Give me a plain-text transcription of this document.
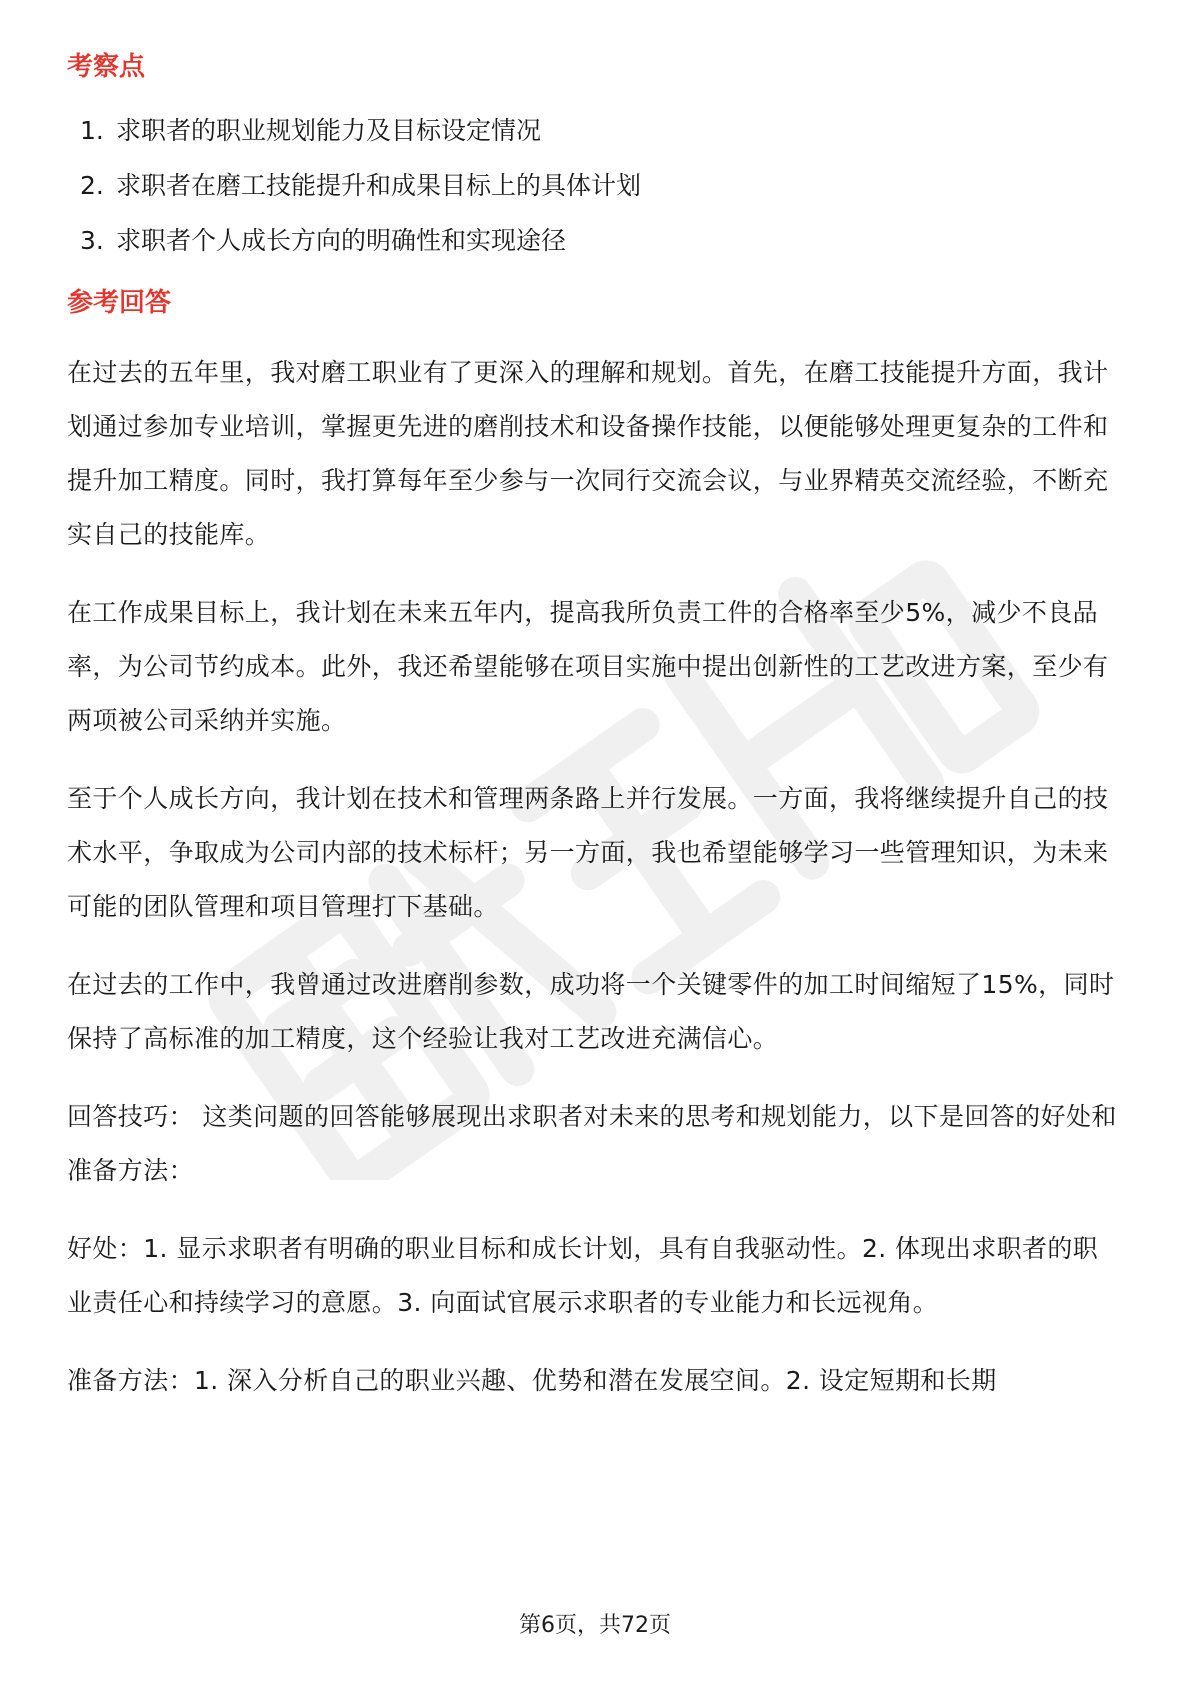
考察点
1. 求职者的职业规划能力及目标设定情况
2. 求职者在磨工技能提升和成果目标上的具体计划
3. 求职者个人成长方向的明确性和实现途径
参考回答

在过去的五年里，我对磨工职业有了更深入的理解和规划。首先，在磨工技能提升方面，我计划通过参加专业培训，掌握更先进的磨削技术和设备操作技能，以便能够处理更复杂的工件和提升加工精度。同时，我打算每年至少参与一次同行交流会议，与业界精英交流经验，不断充实自己的技能库。

在工作成果目标上，我计划在未来五年内，提高我所负责工件的合格率至少5%，减少不良品率，为公司节约成本。此外，我还希望能够在项目实施中提出创新性的工艺改进方案，至少有两项被公司采纳并实施。

至于个人成长方向，我计划在技术和管理两条路上并行发展。一方面，我将继续提升自己的技术水平，争取成为公司内部的技术标杆；另一方面，我也希望能够学习一些管理知识，为未来可能的团队管理和项目管理打下基础。

在过去的工作中，我曾通过改进磨削参数，成功将一个关键零件的加工时间缩短了15%，同时保持了高标准的加工精度，这个经验让我对工艺改进充满信心。

回答技巧： 这类问题的回答能够展现出求职者对未来的思考和规划能力，以下是回答的好处和准备方法：

好处：1. 显示求职者有明确的职业目标和成长计划，具有自我驱动性。2. 体现出求职者的职业责任心和持续学习的意愿。3. 向面试官展示求职者的专业能力和长远视角。

准备方法：1. 深入分析自己的职业兴趣、优势和潜在发展空间。2. 设定短期和长期

第6页，共72页
